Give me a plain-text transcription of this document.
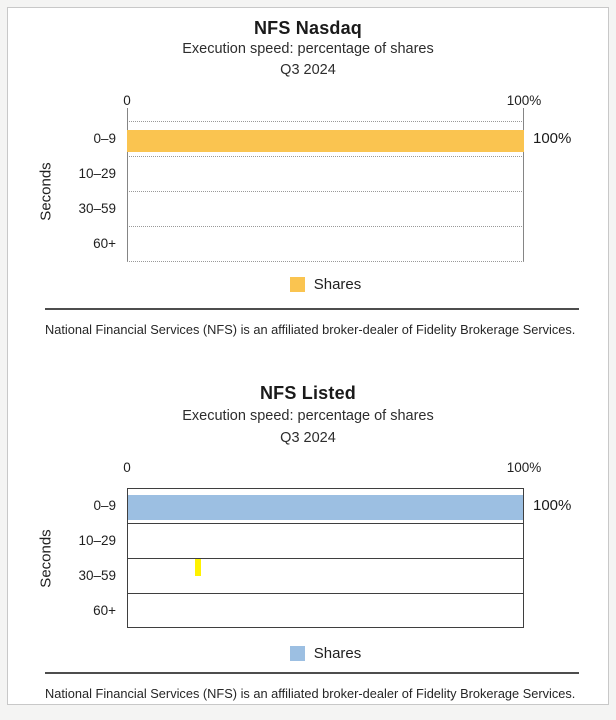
NFS Nasdaq
Execution speed: percentage of shares
Q3 2024
0	100%
Seconds
0–9
10–29
30–59
60+
100%
Shares
National Financial Services (NFS) is an affiliated broker-dealer of Fidelity Brokerage Services.
NFS Listed
Execution speed: percentage of shares
Q3 2024
0	100%
Seconds
0–9
10–29
30–59
60+
100%
Shares
National Financial Services (NFS) is an affiliated broker-dealer of Fidelity Brokerage Services.
